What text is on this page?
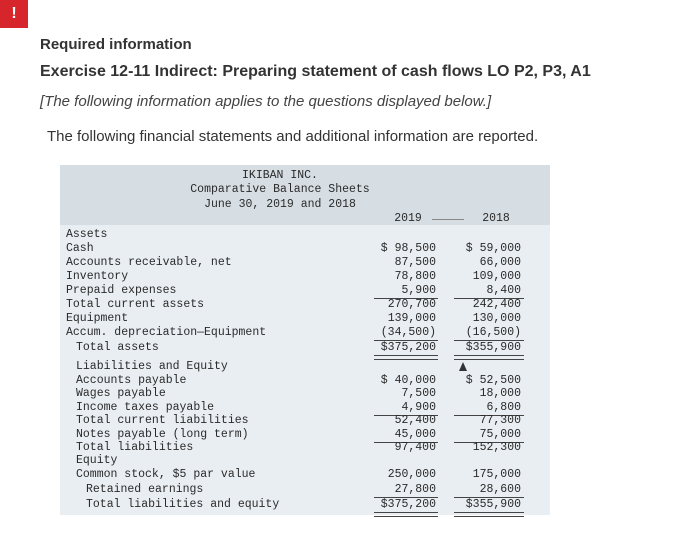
!
Required information
Exercise 12-11 Indirect: Preparing statement of cash flows LO P2, P3, A1
[The following information applies to the questions displayed below.]
The following financial statements and additional information are reported.
IKIBAN INC.
Comparative Balance Sheets
June 30, 2019 and 2018
2019	2018
Assets
Cash	$ 98,500	$ 59,000
Accounts receivable, net	87,500	66,000
Inventory	78,800	109,000
Prepaid expenses	5,900	8,400
Total current assets	270,700	242,400
Equipment	139,000	130,000
Accum. depreciation—Equipment	(34,500)	(16,500)
Total assets	$375,200	$355,900
Liabilities and Equity
Accounts payable	$ 40,000	$ 52,500
Wages payable	7,500	18,000
Income taxes payable	4,900	6,800
Total current liabilities	52,400	77,300
Notes payable (long term)	45,000	75,000
Total liabilities	97,400	152,300
Equity
Common stock, $5 par value	250,000	175,000
Retained earnings	27,800	28,600
Total liabilities and equity	$375,200	$355,900
